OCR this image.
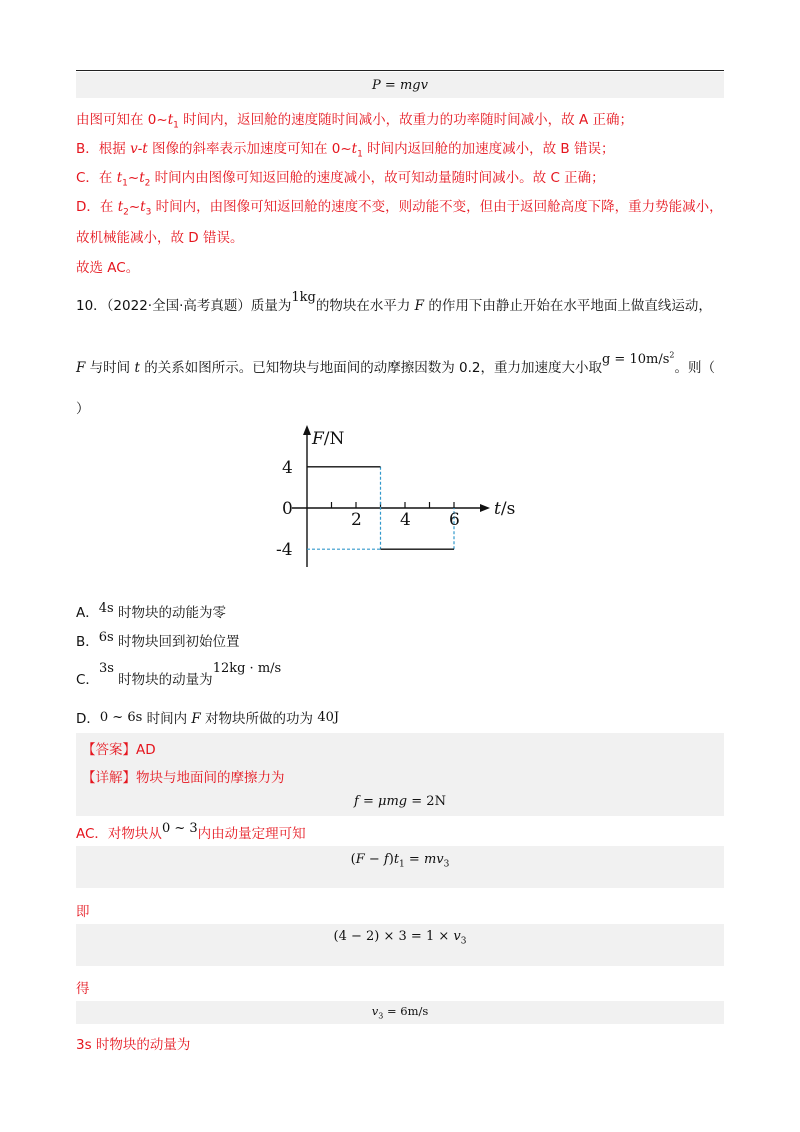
P = mgv
由图可知在 $0\sim t_1$ 时间内，返回舱的速度随时间减小，故重力的功率随时间减小，故 A 正确；
B．根据 v-t 图像的斜率表示加速度可知在 $0\sim t_1$ 时间内返回舱的加速度减小，故 B 错误；
C．在 $t_1\sim t_2$ 时间内由图像可知返回舱的速度减小，故可知动量随时间减小。故 C 正确；
D．在 $t_2\sim t_3$ 时间内，由图像可知返回舱的速度不变，则动能不变，但由于返回舱高度下降，重力势能减小，
故机械能减小，故 D 错误。
故选 AC。
10．（2022·全国·高考真题）质量为1kg的物块在水平力 F 的作用下由静止开始在水平地面上做直线运动，
F 与时间 t 的关系如图所示。已知物块与地面间的动摩擦因数为 0.2，重力加速度大小取$g = 10m/s^2$。则（
）
F/N
t/s
4
0
-4
2 4 6
A．4s 时物块的动能为零
B．6s 时物块回到初始位置
C．3s 时物块的动量为12kg · m/s
D．0 ~ 6s 时间内 F 对物块所做的功为 40J
【答案】AD
【详解】物块与地面间的摩擦力为
f = μmg = 2N
AC．对物块从0 ~ 3内由动量定理可知
$(F - f)t_1 = mv_3$
即
$(4 - 2) \times 3 = 1 \times v_3$
得
$v_3 = 6m/s$
3s 时物块的动量为
